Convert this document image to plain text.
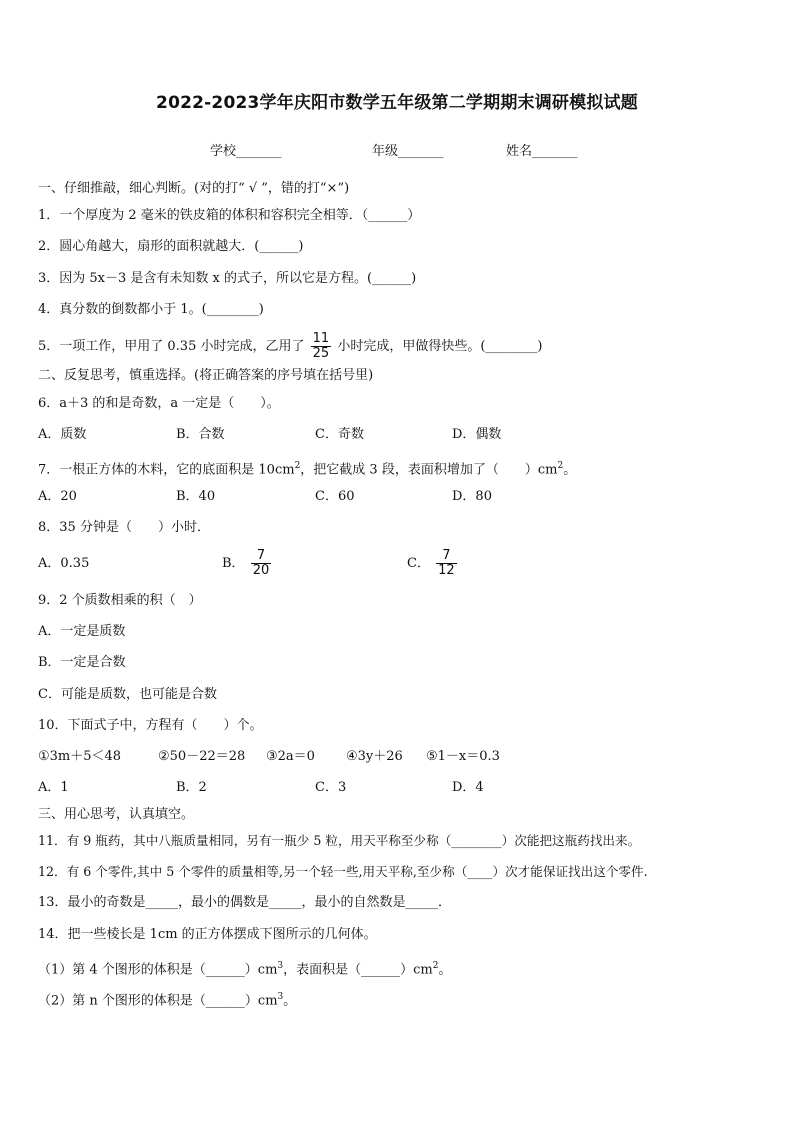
2022-2023学年庆阳市数学五年级第二学期期末调研模拟试题
学校_______	年级_______	姓名_______
一、仔细推敲，细心判断。(对的打“ √ ”，错的打“×”)
1．一个厚度为 2 毫米的铁皮箱的体积和容积完全相等．（______）
2．圆心角越大，扇形的面积就越大．(______)
3．因为 5x－3 是含有未知数 x 的式子，所以它是方程。(______)
4．真分数的倒数都小于 1。(________)
5．一项工作，甲用了 0.35 小时完成，乙用了 $\frac{11}{25}$ 小时完成，甲做得快些。(________)
二、反复思考，慎重选择。(将正确答案的序号填在括号里)
6．a＋3 的和是奇数，a 一定是（　　）。
A．质数	B．合数	C．奇数	D．偶数
7．一根正方体的木料，它的底面积是 $10cm^2$，把它截成 3 段，表面积增加了（　　）$cm^2$。
A．20	B．40	C．60	D．80
8．35 分钟是（　　）小时．
A．0.35	B． $\frac{7}{20}$	C． $\frac{7}{12}$
9．2 个质数相乘的积（　）
A．一定是质数
B．一定是合数
C．可能是质数，也可能是合数
10．下面式子中，方程有（　　）个。
①3m＋5＜48	②50－22＝28 ③2a＝0 ④3y＋26 ⑤1－x＝0.3
A．1	B．2	C．3	D．4
三、用心思考，认真填空。
11．有 9 瓶药，其中八瓶质量相同，另有一瓶少 5 粒，用天平称至少称（________）次能把这瓶药找出来。
12．有 6 个零件,其中 5 个零件的质量相等,另一个轻一些,用天平称,至少称（____）次才能保证找出这个零件.
13．最小的奇数是_____，最小的偶数是_____，最小的自然数是_____．
14．把一些棱长是 1cm 的正方体摆成下图所示的几何体。
（1）第 4 个图形的体积是$(\_\_\_\_\_\_)cm^3$，表面积是$(\_\_\_\_\_\_)cm^2$。
（2）第 n 个图形的体积是$(\_\_\_\_\_\_)cm^3$。
